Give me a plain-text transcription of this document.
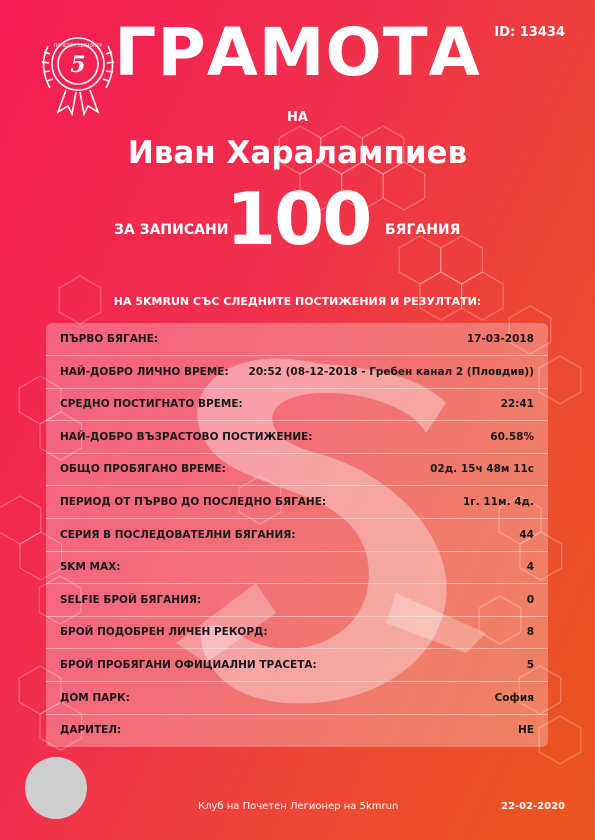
5
ПОЧЕТЕН ЛЕГИОНЕР
ID: 13434
ГРАМОТА
НА
Иван Харалампиев
ЗА ЗАПИСАНИ
100 БЯГАНИЯ
НА 5KMRUN СЪС СЛЕДНИТЕ ПОСТИЖЕНИЯ И РЕЗУЛТАТИ:
ПЪРВО БЯГАНЕ:	17-03-2018
НАЙ-ДОБРО ЛИЧНО ВРЕМЕ: 20:52 (08-12-2018 - Гребен канал 2 (Пловдив))
СРЕДНО ПОСТИГНАТО ВРЕМЕ:	22:41
НАЙ-ДОБРО ВЪЗРАСТОВО ПОСТИЖЕНИЕ:	60.58%
ОБЩО ПРОБЯГАНО ВРЕМЕ:	02д. 15ч 48м 11с
ПЕРИОД ОТ ПЪРВО ДО ПОСЛЕДНО БЯГАНЕ:	1г. 11м. 4д.
СЕРИЯ В ПОСЛЕДОВАТЕЛНИ БЯГАНИЯ:	44
5KM MAX:	4
SELFIE БРОЙ БЯГАНИЯ:	0
БРОЙ ПОДОБРЕН ЛИЧЕН РЕКОРД:	8
БРОЙ ПРОБЯГАНИ ОФИЦИАЛНИ ТРАСЕТА:	5
ДОМ ПАРК:	София
ДАРИТЕЛ:	НЕ
Клуб на Почетен Легионер на 5kmrun	22-02-2020
